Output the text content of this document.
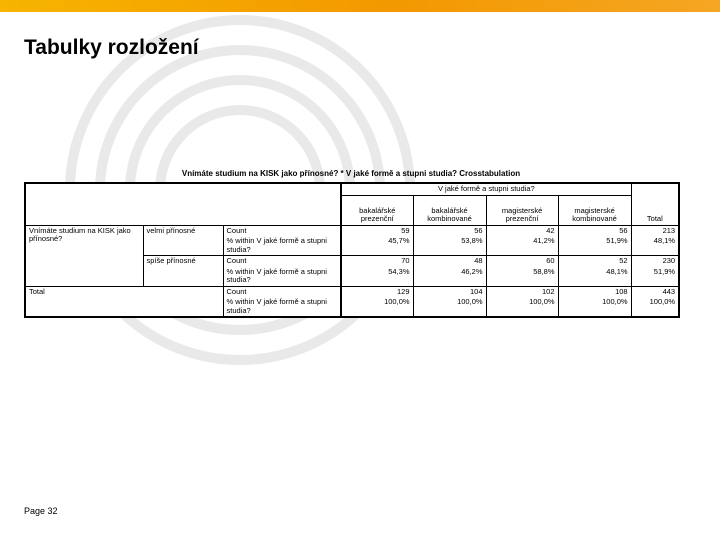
Tabulky rozložení
Vnímáte studium na KISK jako přínosné? * V jaké formě a stupni studia? Crosstabulation
			V jaké formě a stupni studia?				
			bakalářské prezenční	bakalářské kombinované	magisterské prezenční	magisterské kombinované	Total
Vnímáte studium na KISK jako přínosné?	velmi přínosné	Count	59	56	42	56	213
		% within V jaké formě a stupni studia?	45,7%	53,8%	41,2%	51,9%	48,1%
	spíše přínosné	Count	70	48	60	52	230
		% within V jaké formě a stupni studia?	54,3%	46,2%	58,8%	48,1%	51,9%
Total		Count	129	104	102	108	443
		% within V jaké formě a stupni studia?	100,0%	100,0%	100,0%	100,0%	100,0%
Page 32
